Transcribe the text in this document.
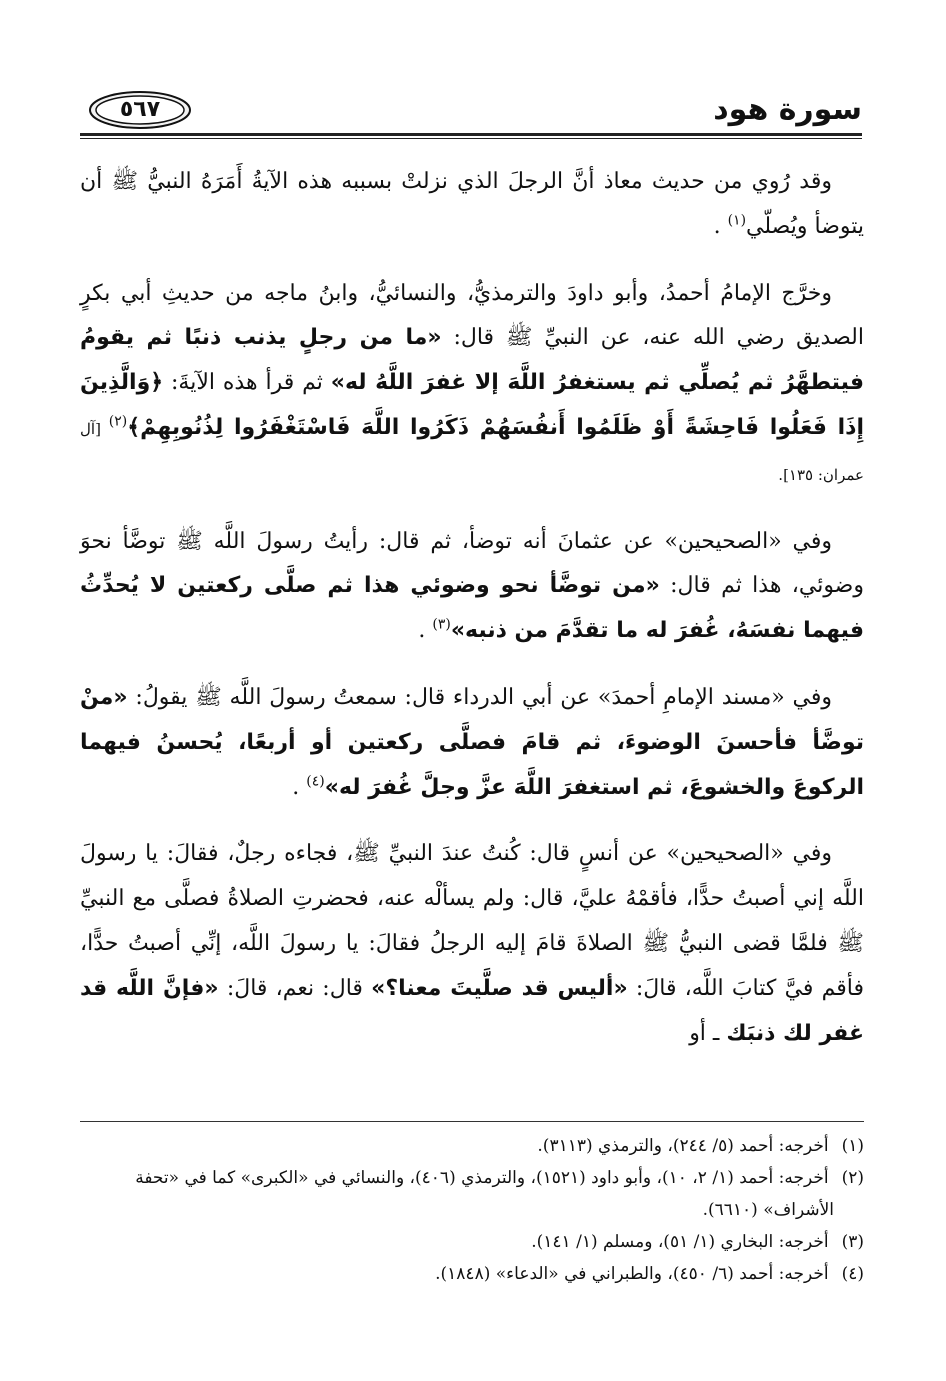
سورة هود
٥٦٧

وقد رُوي من حديث معاذ أنَّ الرجلَ الذي نزلتْ بسببه هذه الآيةُ أَمَرَهُ النبيُّ ﷺ أن يتوضأ ويُصلّي$^{(١)}$ .

وخرَّج الإمامُ أحمدُ، وأبو داودَ والترمذيُّ، والنسائيُّ، وابنُ ماجه من حديثِ أبي بكرٍ الصديق رضي الله عنه، عن النبيِّ ﷺ قال: «ما من رجلٍ يذنب ذنبًا ثم يقومُ فيتطهَّرُ ثم يُصلِّي ثم يستغفرُ اللَّهَ إلا غفرَ اللَّهُ له» ثم قرأ هذه الآيةَ: ﴿وَالَّذِينَ إِذَا فَعَلُوا فَاحِشَةً أَوْ ظَلَمُوا أَنفُسَهُمْ ذَكَرُوا اللَّهَ فَاسْتَغْفَرُوا لِذُنُوبِهِمْ﴾$^{(٢)}$ [آل عمران: ١٣٥].

وفي «الصحيحين» عن عثمانَ أنه توضأ، ثم قال: رأيتُ رسولَ اللَّه ﷺ توضَّأ نحوَ وضوئي، هذا ثم قال: «من توضَّأ نحو وضوئي هذا ثم صلَّى ركعتين لا يُحدِّثُ فيهما نفسَهُ، غُفرَ له ما تقدَّمَ من ذنبه»$^{(٣)}$ .

وفي «مسند الإمامِ أحمدَ» عن أبي الدرداء قال: سمعتُ رسولَ اللَّه ﷺ يقولُ: «منْ توضَّأ فأحسنَ الوضوءَ، ثم قامَ فصلَّى ركعتين أو أربعًا، يُحسنُ فيهما الركوعَ والخشوعَ، ثم استغفرَ اللَّهَ عزَّ وجلَّ غُفرَ له»$^{(٤)}$ .

وفي «الصحيحين» عن أنسٍ قال: كُنتُ عندَ النبيِّ ﷺ، فجاءه رجلٌ، فقالَ: يا رسولَ اللَّه إني أصبتُ حدًّا، فأقمْهُ عليَّ، قال: ولم يسألْه عنه، فحضرتِ الصلاةُ فصلَّى مع النبيِّ ﷺ فلمَّا قضى النبيُّ ﷺ الصلاةَ قامَ إليه الرجلُ فقالَ: يا رسولَ اللَّه، إنِّي أصبتُ حدًّا، فأقم فيَّ كتابَ اللَّه، قالَ: «أليس قد صلَّيتَ معنا؟» قال: نعم، قالَ: «فإنَّ اللَّه قد غفر لك ذنبَك ـ أو

(١) أخرجه: أحمد (٥/ ٢٤٤)، والترمذي (٣١١٣).

(٢) أخرجه: أحمد (١/ ٢، ١٠)، وأبو داود (١٥٢١)، والترمذي (٤٠٦)، والنسائي في «الكبرى» كما في «تحفة الأشراف» (٦٦١٠).

(٣) أخرجه: البخاري (١/ ٥١)، ومسلم (١/ ١٤١).

(٤) أخرجه: أحمد (٦/ ٤٥٠)، والطبراني في «الدعاء» (١٨٤٨).
